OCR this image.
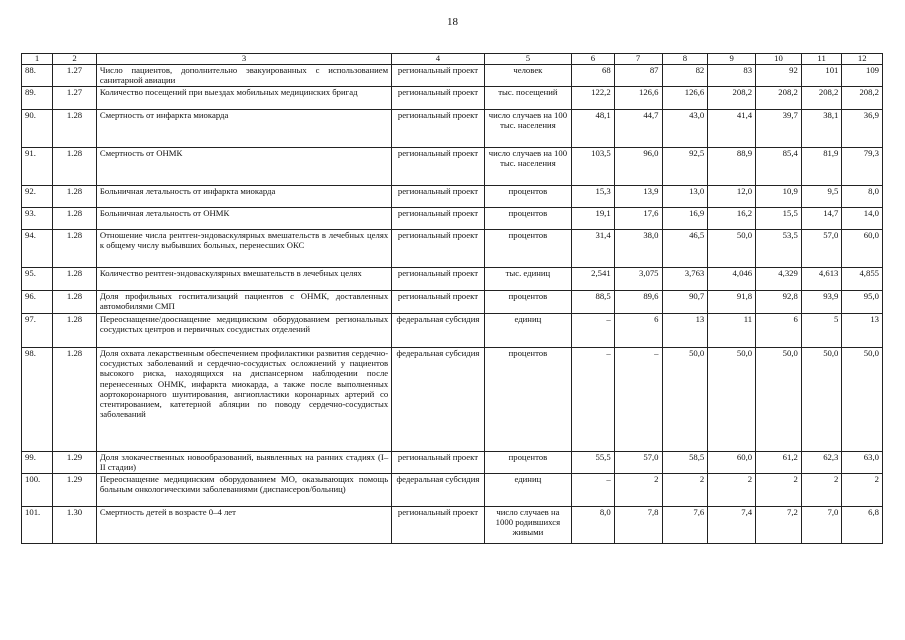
18
1	2	3	4	5	6	7	8	9	10	11	12
88.	1.27	Число пациентов, дополнительно эвакуированных с использованием санитарной авиации	региональный проект	человек	68	87	82	83	92	101	109
89.	1.27	Количество посещений при выездах мобильных медицинских бригад	региональный проект	тыс. посещений	122,2	126,6	126,6	208,2	208,2	208,2	208,2
90.	1.28	Смертность от инфаркта миокарда	региональный проект	число случаев на 100 тыс. населения	48,1	44,7	43,0	41,4	39,7	38,1	36,9
91.	1.28	Смертность от ОНМК	региональный проект	число случаев на 100 тыс. населения	103,5	96,0	92,5	88,9	85,4	81,9	79,3
92.	1.28	Больничная летальность от инфаркта миокарда	региональный проект	процентов	15,3	13,9	13,0	12,0	10,9	9,5	8,0
93.	1.28	Больничная летальность от ОНМК	региональный проект	процентов	19,1	17,6	16,9	16,2	15,5	14,7	14,0
94.	1.28	Отношение числа рентген-эндоваскулярных вмешательств в лечебных целях к общему числу выбывших больных, перенесших ОКС	региональный проект	процентов	31,4	38,0	46,5	50,0	53,5	57,0	60,0
95.	1.28	Количество рентген-эндоваскулярных вмешательств в лечебных целях	региональный проект	тыс. единиц	2,541	3,075	3,763	4,046	4,329	4,613	4,855
96.	1.28	Доля профильных госпитализаций пациентов с ОНМК, доставленных автомобилями СМП	региональный проект	процентов	88,5	89,6	90,7	91,8	92,8	93,9	95,0
97.	1.28	Переоснащение/дооснащение медицинским оборудованием региональных сосудистых центров и первичных сосудистых отделений	федеральная субсидия	единиц	–	6	13	11	6	5	13
98.	1.28	Доля охвата лекарственным обеспечением профилактики развития сердечно-сосудистых заболеваний и сердечно-сосудистых осложнений у пациентов высокого риска, находящихся на диспансерном наблюдении после перенесенных ОНМК, инфаркта миокарда, а также после выполненных аортокоронарного шунтирования, ангиопластики коронарных артерий со стентированием, катетерной абляции по поводу сердечно-сосудистых заболеваний	федеральная субсидия	процентов	–	–	50,0	50,0	50,0	50,0	50,0
99.	1.29	Доля злокачественных новообразований, выявленных на ранних стадиях (I–II стадии)	региональный проект	процентов	55,5	57,0	58,5	60,0	61,2	62,3	63,0
100.	1.29	Переоснащение медицинским оборудованием МО, оказывающих помощь больным онкологическими заболеваниями (диспансеров/больниц)	федеральная субсидия	единиц	–	2	2	2	2	2	2
101.	1.30	Смертность детей в возрасте 0–4 лет	региональный проект	число случаев на 1000 родившихся живыми	8,0	7,8	7,6	7,4	7,2	7,0	6,8
